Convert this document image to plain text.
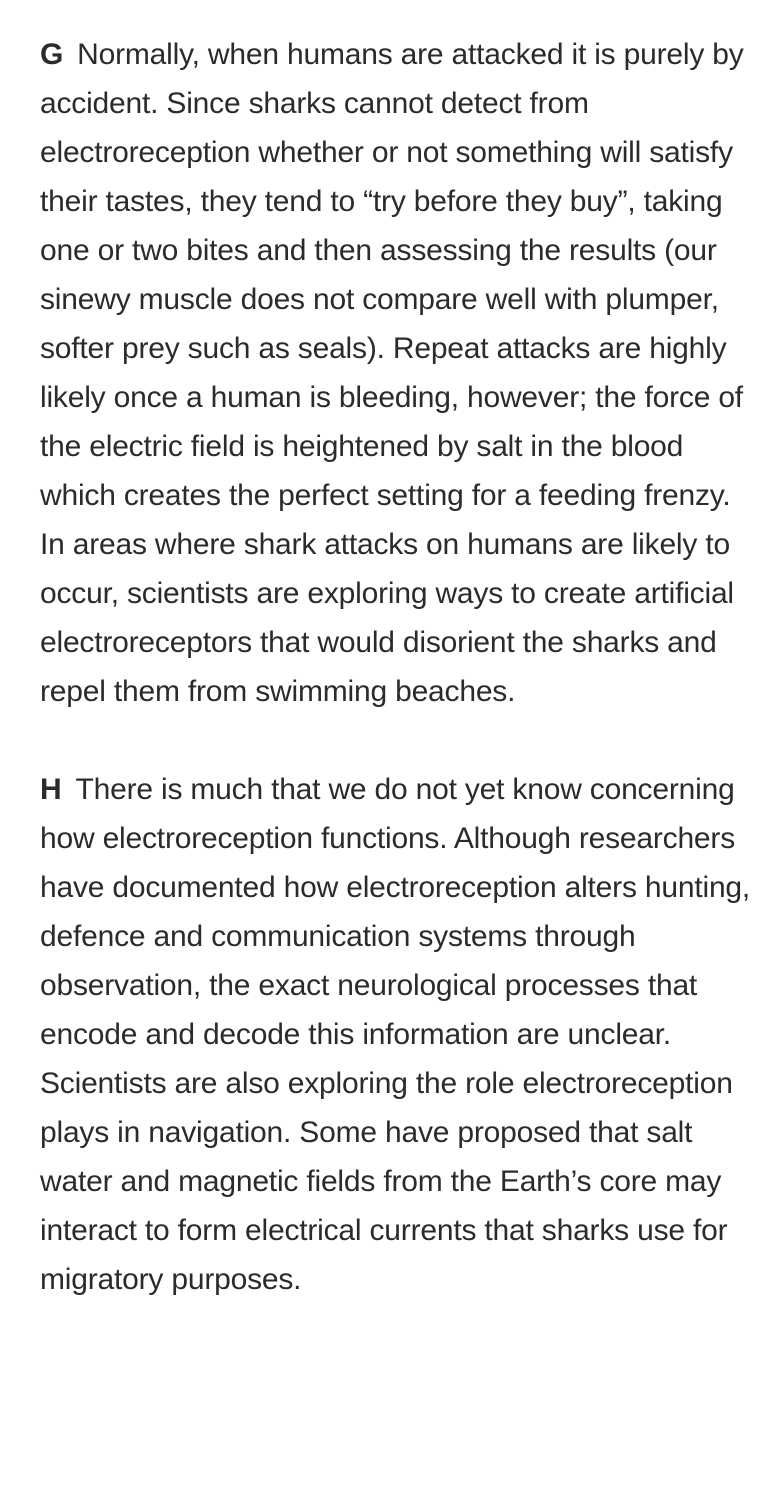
G Normally, when humans are attacked it is purely by accident. Since sharks cannot detect from electroreception whether or not something will satisfy their tastes, they tend to “try before they buy”, taking one or two bites and then assessing the results (our sinewy muscle does not compare well with plumper, softer prey such as seals). Repeat attacks are highly likely once a human is bleeding, however; the force of the electric field is heightened by salt in the blood which creates the perfect setting for a feeding frenzy. In areas where shark attacks on humans are likely to occur, scientists are exploring ways to create artificial electroreceptors that would disorient the sharks and repel them from swimming beaches.

H There is much that we do not yet know concerning how electroreception functions. Although researchers have documented how electroreception alters hunting, defence and communication systems through observation, the exact neurological processes that encode and decode this information are unclear. Scientists are also exploring the role electroreception plays in navigation. Some have proposed that salt water and magnetic fields from the Earth’s core may interact to form electrical currents that sharks use for migratory purposes.
